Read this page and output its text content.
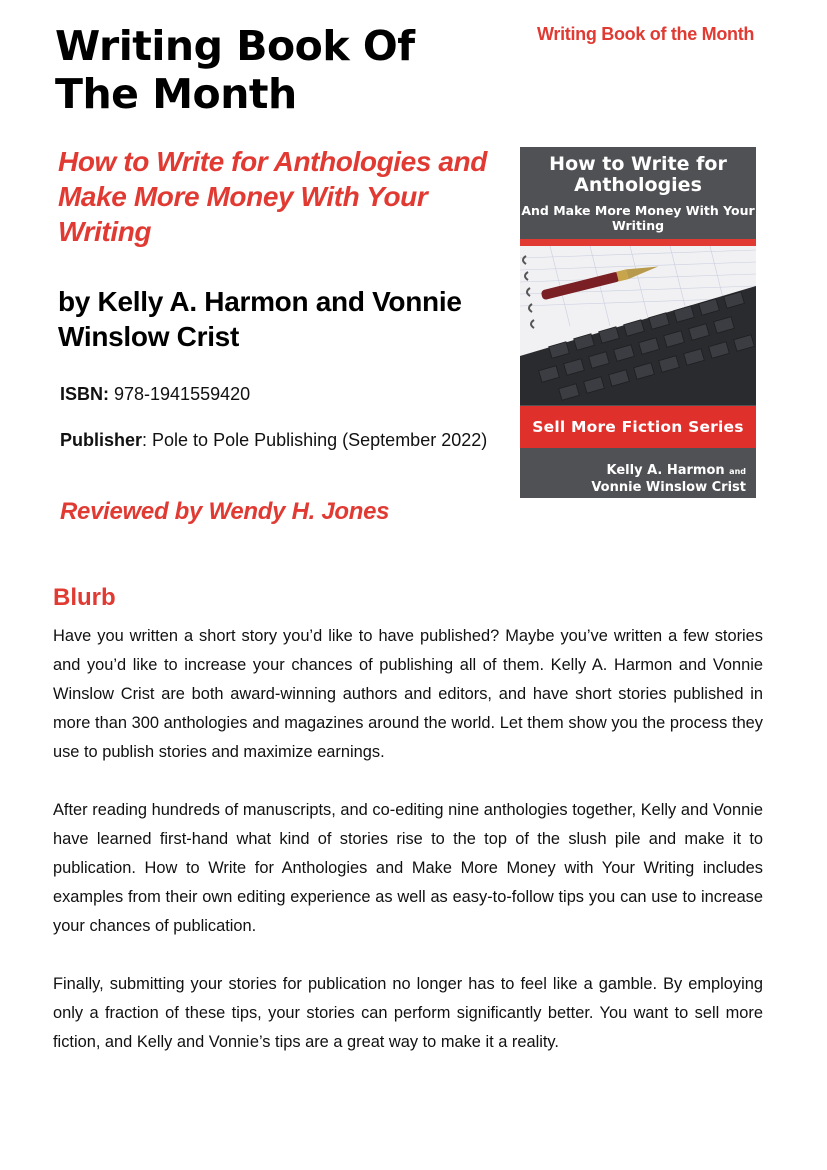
Writing Book of the Month
Writing Book Of The Month
How to Write for Anthologies and Make More Money With Your Writing
by Kelly A. Harmon and Vonnie Winslow Crist
ISBN: 978-1941559420
Publisher: Pole to Pole Publishing (September 2022)
Reviewed by Wendy H. Jones
How to Write for Anthologies
And Make More Money With Your Writing
Sell More Fiction Series
Kelly A. Harmon and
Vonnie Winslow Crist
Blurb

Have you written a short story you’d like to have published? Maybe you’ve written a few stories and you’d like to increase your chances of publishing all of them. Kelly A. Harmon and Vonnie Winslow Crist are both award-winning authors and editors, and have short stories published in more than 300 anthologies and magazines around the world. Let them show you the process they use to publish stories and maximize earnings.

After reading hundreds of manuscripts, and co-editing nine anthologies together, Kelly and Vonnie have learned first-hand what kind of stories rise to the top of the slush pile and make it to publication. How to Write for Anthologies and Make More Money with Your Writing includes examples from their own editing experience as well as easy-to-follow tips you can use to increase your chances of publication.

Finally, submitting your stories for publication no longer has to feel like a gamble. By employing only a fraction of these tips, your stories can perform significantly better. You want to sell more fiction, and Kelly and Vonnie’s tips are a great way to make it a reality.
